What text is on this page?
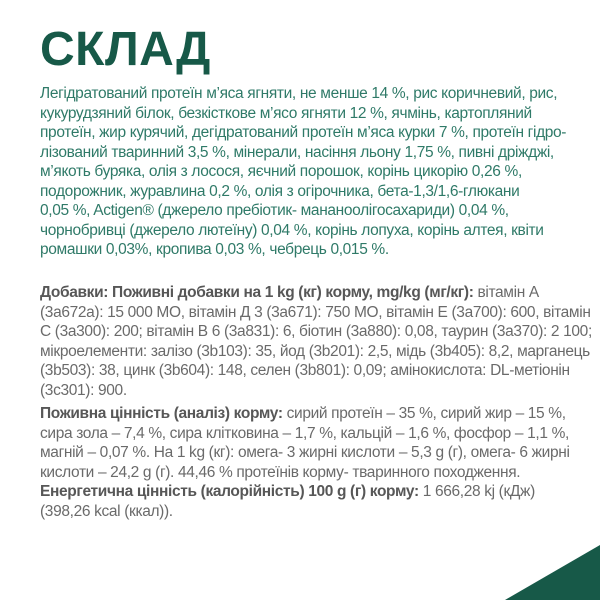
СКЛАД
Легідратований протеїн м’яса ягняти, не менше 14 %, рис коричневий, рис,
кукурудзяний білок, безкісткове м’ясо ягняти 12 %, ячмінь, картопляний
протеїн, жир курячий, дегідратований протеїн м’яса курки 7 %, протеїн гідро-
лізований тваринний 3,5 %, мінерали, насіння льону 1,75 %, пивні дріжджі,
м’якоть буряка, олія з лосося, яєчний порошок, корінь цикорію 0,26 %,
подорожник, журавлина 0,2 %, олія з огірочника, бета-1,3/1,6-глюкани
0,05 %, Actigen® (джерело пребіотик- мананоолігосахариди) 0,04 %,
чорнобривці (джерело лютеїну) 0,04 %, корінь лопуха, корінь алтея, квіти
ромашки 0,03%, кропива 0,03 %, чебрець 0,015 %.
Добавки: Поживні добавки на 1 kg (кг) корму, mg/kg (мг/кг): вітамін А
(3a672a): 15 000 МО, вітамін Д 3 (3a671): 750 МО, вітамін Е (3a700): 600, вітамін
С (3a300): 200; вітамін В 6 (3a831): 6, біотин (3a880): 0,08, таурин (3a370): 2 100;
мікроелементи: залізо (3b103): 35, йод (3b201): 2,5, мідь (3b405): 8,2, марганець
(3b503): 38, цинк (3b604): 148, селен (3b801): 0,09; амінокислота: DL-метіонін
(3c301): 900.
Поживна цінність (аналіз) корму: сирий протеїн – 35 %, сирий жир – 15 %,
сира зола – 7,4 %, сира клітковина – 1,7 %, кальцій – 1,6 %, фосфор – 1,1 %,
магній – 0,07 %. На 1 kg (кг): омега- 3 жирні кислоти – 5,3 g (г), омега- 6 жирні
кислоти – 24,2 g (г). 44,46 % протеїнів корму- тваринного походження.
Енергетична цінність (калорійність) 100 g (г) корму: 1 666,28 kj (кДж)
(398,26 kcal (ккал)).
